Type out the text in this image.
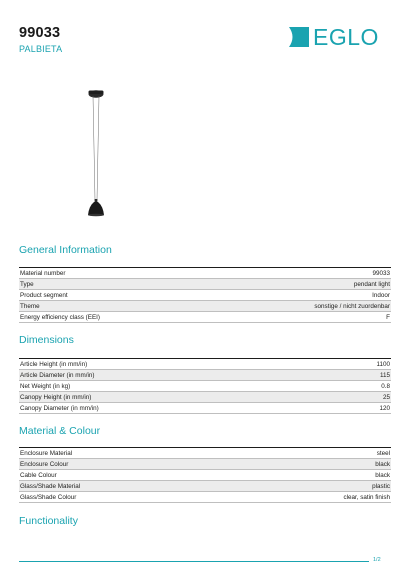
99033
PALBIETA	EGLO
General Information
Material number	99033
Type	pendant light
Product segment	Indoor
Theme	sonstige / nicht zuordenbar
Energy efficiency class (EEI)	F
Dimensions
Article Height (in mm/in)	1100
Article Diameter (in mm/in)	115
Net Weight (in kg)	0.8
Canopy Height (in mm/in)	25
Canopy Diameter (in mm/in)	120
Material & Colour
Enclosure Material	steel
Enclosure Colour	black
Cable Colour	black
Glass/Shade Material	plastic
Glass/Shade Colour	clear, satin finish
Functionality
1/2
